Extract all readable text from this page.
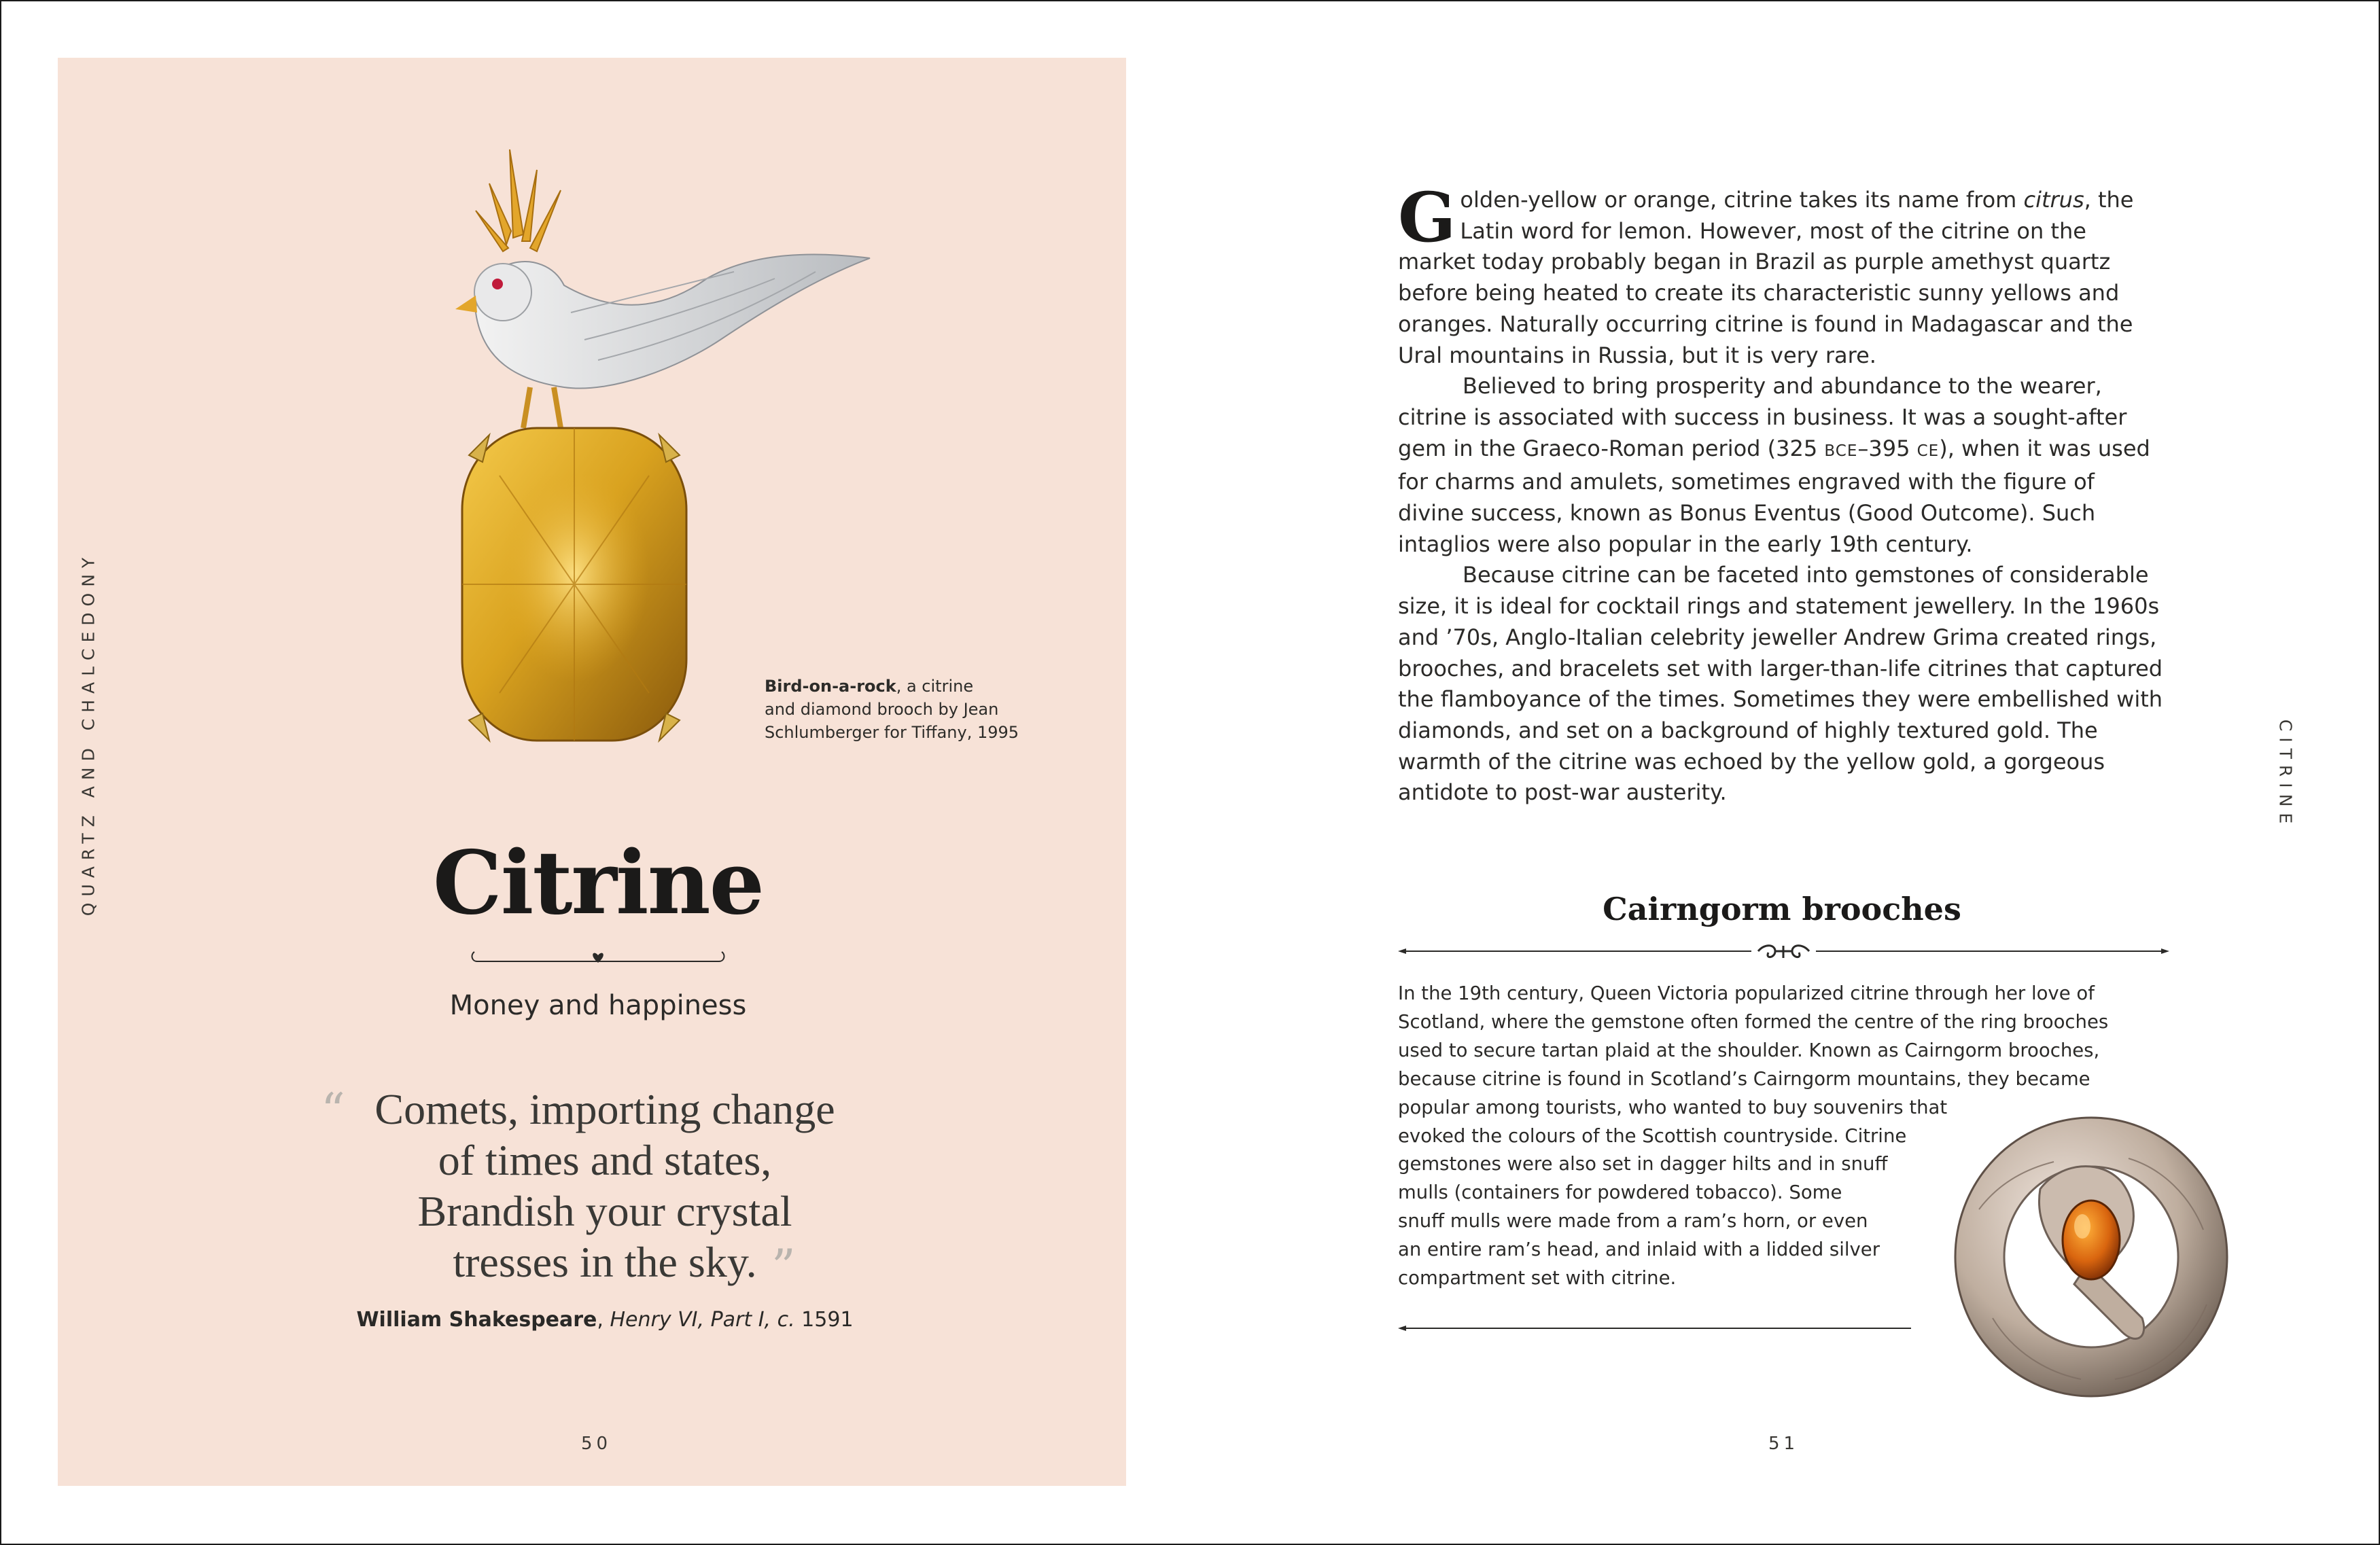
QUARTZ AND CHALCEDONY	Bird-on-a-rock, a citrine
and diamond brooch by Jean
Schlumberger for Tiffany, 1995
Citrine
Money and happiness
“ Comets, importing change
of times and states,
Brandish your crystal
tresses in the sky. ”
William Shakespeare, Henry VI, Part I, c. 1591
50

Golden-yellow or orange, citrine takes its name from citrus, the Latin word for lemon. However, most of the citrine on the market today probably began in Brazil as purple amethyst quartz before being heated to create its characteristic sunny yellows and oranges. Naturally occurring citrine is found in Madagascar and the Ural mountains in Russia, but it is very rare.

Believed to bring prosperity and abundance to the wearer, citrine is associated with success in business. It was a sought-after gem in the Graeco-Roman period (325 BCE–395 CE), when it was used for charms and amulets, sometimes engraved with the figure of divine success, known as Bonus Eventus (Good Outcome). Such intaglios were also popular in the early 19th century.

Because citrine can be faceted into gemstones of considerable size, it is ideal for cocktail rings and statement jewellery. In the 1960s and ’70s, Anglo-Italian celebrity jeweller Andrew Grima created rings, brooches, and bracelets set with larger-than-life citrines that captured the flamboyance of the times. Sometimes they were embellished with diamonds, and set on a background of highly textured gold. The warmth of the citrine was echoed by the yellow gold, a gorgeous antidote to post-war austerity.	CITRINE
Cairngorm brooches
In the 19th century, Queen Victoria popularized citrine through her love of
Scotland, where the gemstone often formed the centre of the ring brooches
used to secure tartan plaid at the shoulder. Known as Cairngorm brooches,
because citrine is found in Scotland’s Cairngorm mountains, they became
popular among tourists, who wanted to buy souvenirs that
evoked the colours of the Scottish countryside. Citrine
gemstones were also set in dagger hilts and in snuff
mulls (containers for powdered tobacco). Some
snuff mulls were made from a ram’s horn, or even
an entire ram’s head, and inlaid with a lidded silver
compartment set with citrine.
51
